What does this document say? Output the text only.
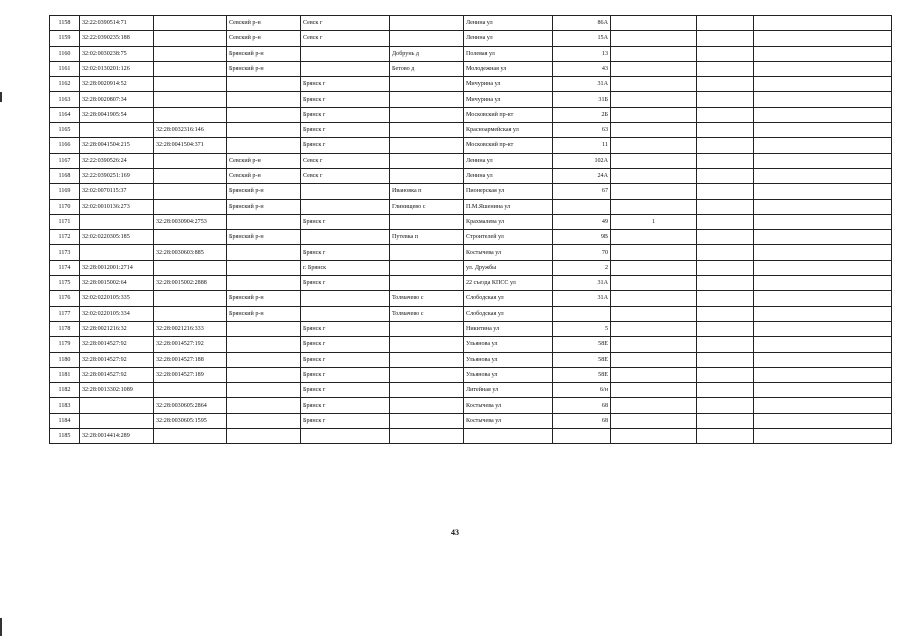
1158	32:22:0390514:71		Севский р-н	Севск г		Ленина ул	86А			
1159	32:22:0390235:188		Севский р-н	Севск г		Ленина ул	15А			
1160	32:02:0030238:75		Брянский р-н		Добрунь д	Полевая ул	13			
1161	32:02:0130201:126		Брянский р-н		Бетово д	Молодежная ул	43			
1162	32:28:0020914:52			Брянск г		Мичурина ул	31А			
1163	32:28:0020807:34			Брянск г		Мичурина ул	31Б			
1164	32:28:0041905:54			Брянск г		Московский пр-кт	2Б			
1165		32:28:0032316:146		Брянск г		Красноармейская ул	63			
1166	32:28:0041504:215	32:28:0041504:371		Брянск г		Московский пр-кт	11			
1167	32:22:0390526:24		Севский р-н	Севск г		Ленина ул	102А			
1168	32:22:0390251:169		Севский р-н	Севск г		Ленина ул	24А			
1169	32:02:0070115:37		Брянский р-н		Ивановка п	Пионерская ул	67			
1170	32:02:0010136:273		Брянский р-н		Глинищево с	П.М.Яшенина ул				
1171		32:28:0030904:2753		Брянск г		Крахмалева ул	49	1		
1172	32:02:0220305:185		Брянский р-н		Путевка п	Строителей ул	9В			
1173		32:28:0030603:885		Брянск г		Костычева ул	70			
1174	32:28:0012001:2714			г. Брянск		ул. Дружбы	2			
1175	32:28:0015002:64	32:28:0015002:2888		Брянск г		22 съезда КПСС ул	31А			
1176	32:02:0220105:335		Брянский р-н		Толмачево с	Слободская ул	31А			
1177	32:02:0220105:334		Брянский р-н		Толмачево с	Слободская ул				
1178	32:28:0021216:32	32:28:0021216:333		Брянск г		Никитина ул	5			
1179	32:28:0014527:92	32:28:0014527:192		Брянск г		Ульянова ул	58Е			
1180	32:28:0014527:92	32:28:0014527:188		Брянск г		Ульянова ул	58Е			
1181	32:28:0014527:92	32:28:0014527:189		Брянск г		Ульянова ул	58Е			
1182	32:28:0013302:1089			Брянск г		Литейная ул	6/н			
1183		32:28:0030605:2864		Брянск г		Костычева ул	68			
1184		32:28:0030605:1595		Брянск г		Костычева ул	68			
1185	32:28:0014414:289									
43
